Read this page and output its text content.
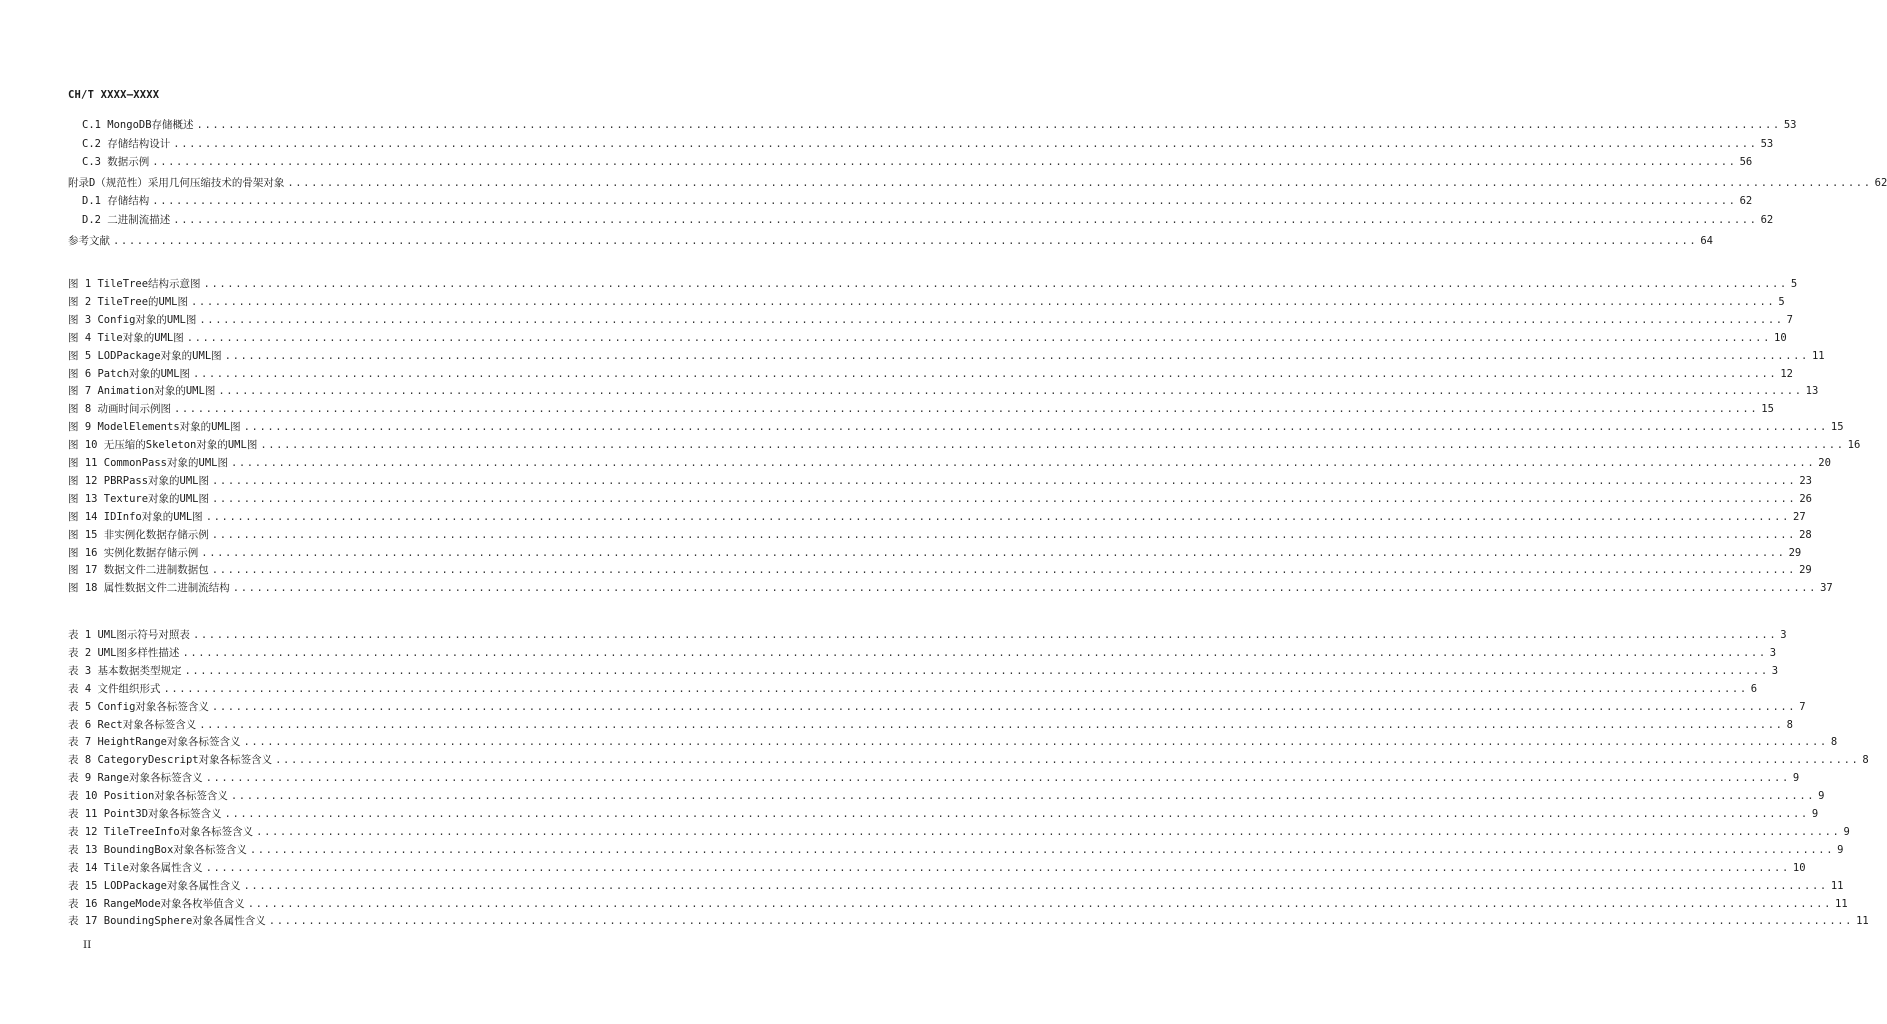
CH/T XXXX—XXXX
C.1 MongoDB存储概述 ........................................................................................................................................................................................................ 53
C.2 存储结构设计 ........................................................................................................................................................................................................ 53
C.3 数据示例 ........................................................................................................................................................................................................ 56
附录D（规范性）采用几何压缩技术的骨架对象 ........................................................................................................................................................................................................ 62
D.1 存储结构 ........................................................................................................................................................................................................ 62
D.2 二进制流描述 ........................................................................................................................................................................................................ 62
参考文献 ........................................................................................................................................................................................................ 64
图 1 TileTree结构示意图 ........................................................................................................................................................................................................ 5
图 2 TileTree的UML图 ........................................................................................................................................................................................................ 5
图 3 Config对象的UML图 ........................................................................................................................................................................................................ 7
图 4 Tile对象的UML图 ........................................................................................................................................................................................................ 10
图 5 LODPackage对象的UML图 ........................................................................................................................................................................................................ 11
图 6 Patch对象的UML图 ........................................................................................................................................................................................................ 12
图 7 Animation对象的UML图 ........................................................................................................................................................................................................ 13
图 8 动画时间示例图 ........................................................................................................................................................................................................ 15
图 9 ModelElements对象的UML图 ........................................................................................................................................................................................................ 15
图 10 无压缩的Skeleton对象的UML图 ........................................................................................................................................................................................................ 16
图 11 CommonPass对象的UML图 ........................................................................................................................................................................................................ 20
图 12 PBRPass对象的UML图 ........................................................................................................................................................................................................ 23
图 13 Texture对象的UML图 ........................................................................................................................................................................................................ 26
图 14 IDInfo对象的UML图 ........................................................................................................................................................................................................ 27
图 15 非实例化数据存储示例 ........................................................................................................................................................................................................ 28
图 16 实例化数据存储示例 ........................................................................................................................................................................................................ 29
图 17 数据文件二进制数据包 ........................................................................................................................................................................................................ 29
图 18 属性数据文件二进制流结构 ........................................................................................................................................................................................................ 37
表 1 UML图示符号对照表 ........................................................................................................................................................................................................ 3
表 2 UML图多样性描述 ........................................................................................................................................................................................................ 3
表 3 基本数据类型规定 ........................................................................................................................................................................................................ 3
表 4 文件组织形式 ........................................................................................................................................................................................................ 6
表 5 Config对象各标签含义 ........................................................................................................................................................................................................ 7
表 6 Rect对象各标签含义 ........................................................................................................................................................................................................ 8
表 7 HeightRange对象各标签含义 ........................................................................................................................................................................................................ 8
表 8 CategoryDescript对象各标签含义 ........................................................................................................................................................................................................ 8
表 9 Range对象各标签含义 ........................................................................................................................................................................................................ 9
表 10 Position对象各标签含义 ........................................................................................................................................................................................................ 9
表 11 Point3D对象各标签含义 ........................................................................................................................................................................................................ 9
表 12 TileTreeInfo对象各标签含义 ........................................................................................................................................................................................................ 9
表 13 BoundingBox对象各标签含义 ........................................................................................................................................................................................................ 9
表 14 Tile对象各属性含义 ........................................................................................................................................................................................................ 10
表 15 LODPackage对象各属性含义 ........................................................................................................................................................................................................ 11
表 16 RangeMode对象各枚举值含义 ........................................................................................................................................................................................................ 11
表 17 BoundingSphere对象各属性含义 ........................................................................................................................................................................................................ 11
II
